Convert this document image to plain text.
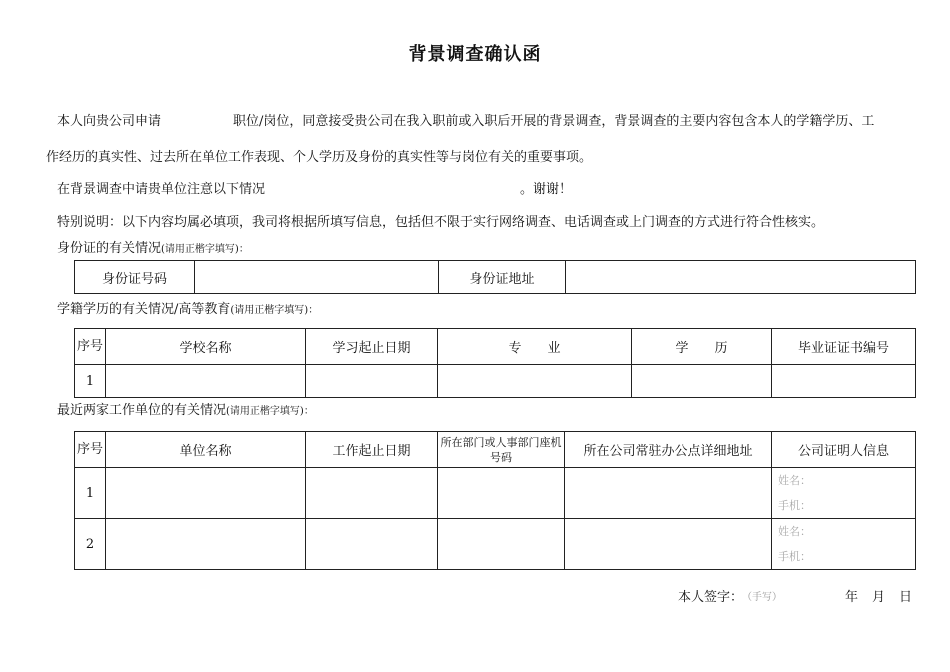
背景调查确认函
本人向贵公司申请	职位/岗位，同意接受贵公司在我入职前或入职后开展的背景调查，背景调查的主要内容包含本人的学籍学历、工
作经历的真实性、过去所在单位工作表现、个人学历及身份的真实性等与岗位有关的重要事项。
在背景调查中请贵单位注意以下情况	。谢谢！
特别说明：以下内容均属必填项，我司将根据所填写信息，包括但不限于实行网络调查、电话调查或上门调查的方式进行符合性核实。
身份证的有关情况(请用正楷字填写)：
身份证号码		身份证地址	
学籍学历的有关情况/高等教育(请用正楷字填写)：
序号	学校名称	学习起止日期	专　　业	学　　历	毕业证证书编号
1					
最近两家工作单位的有关情况(请用正楷字填写)：
序号	单位名称	工作起止日期	所在部门或人事部门座机号码	所在公司常驻办公点详细地址	公司证明人信息
1					姓名：
手机：

2					姓名：
手机：
本人签字：
（手写）	年 月 日
